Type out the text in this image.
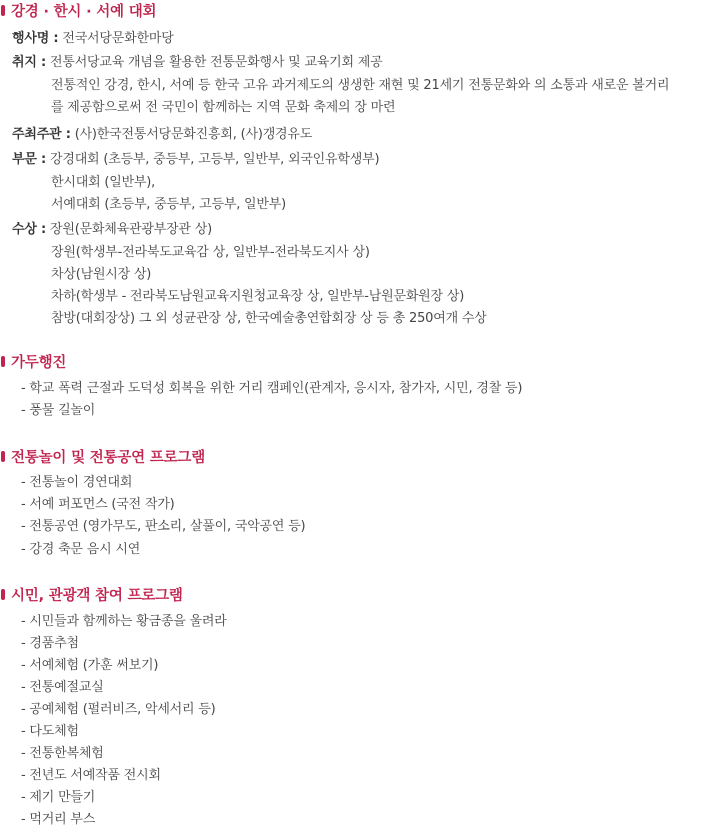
강경 · 한시 · 서예 대회
행사명 : 전국서당문화한마당
취지 : 전통서당교육 개념을 활용한 전통문화행사 및 교육기회 제공
전통적인 강경, 한시, 서예 등 한국 고유 과거제도의 생생한 재현 및 21세기 전통문화와 의 소통과 새로운 볼거리
를 제공함으로써 전 국민이 함께하는 지역 문화 축제의 장 마련
주최주관 : (사)한국전통서당문화진흥회, (사)갱경유도
부문 : 강경대회 (초등부, 중등부, 고등부, 일반부, 외국인유학생부)
한시대회 (일반부),
서예대회 (초등부, 중등부, 고등부, 일반부)
수상 : 장원(문화체육관광부장관 상)
장원(학생부-전라북도교육감 상, 일반부-전라북도지사 상)
차상(남원시장 상)
차하(학생부 - 전라북도남원교육지원청교육장 상, 일반부-남원문화원장 상)
참방(대회장상) 그 외 성균관장 상, 한국예술총연합회장 상 등 총 250여개 수상
가두행진
- 학교 폭력 근절과 도덕성 회복을 위한 거리 캠페인(관계자, 응시자, 참가자, 시민, 경찰 등)
- 풍물 길놀이
전통놀이 및 전통공연 프로그램
- 전통놀이 경연대회
- 서예 퍼포먼스 (국전 작가)
- 전통공연 (영가무도, 판소리, 살풀이, 국악공연 등)
- 강경 축문 음시 시연
시민, 관광객 참여 프로그램
- 시민들과 함께하는 황금종을 울려라
- 경품추첨
- 서예체험 (가훈 써보기)
- 전통예절교실
- 공예체험 (펄러비즈, 악세서리 등)
- 다도체험
- 전통한복체험
- 전년도 서예작품 전시회
- 제기 만들기
- 먹거리 부스
